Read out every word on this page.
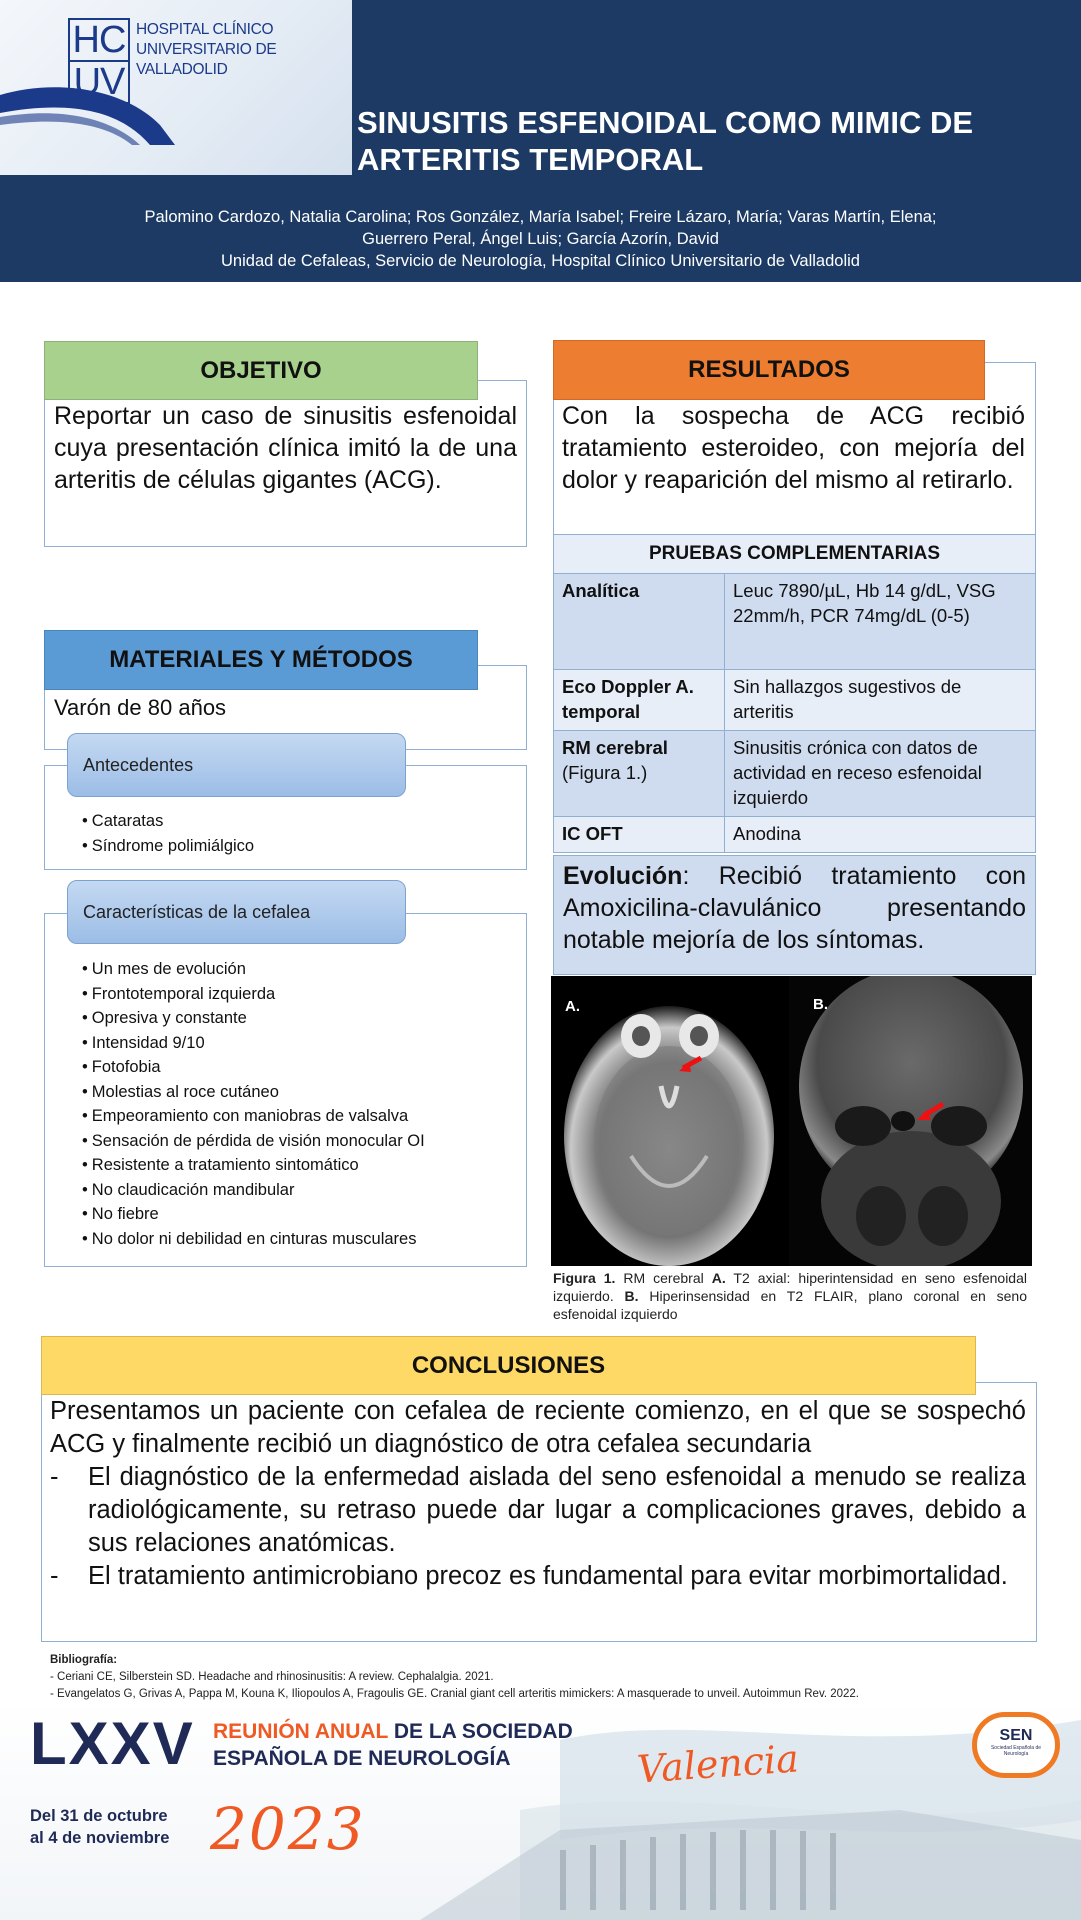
HC
UV
HOSPITAL CLÍNICO
UNIVERSITARIO DE VALLADOLID
SINUSITIS ESFENOIDAL COMO MIMIC DE
ARTERITIS TEMPORAL
Palomino Cardozo, Natalia Carolina; Ros González, María Isabel; Freire Lázaro, María; Varas Martín, Elena;
Guerrero Peral, Ángel Luis; García Azorín, David
Unidad de Cefaleas, Servicio de Neurología, Hospital Clínico Universitario de Valladolid
OBJETIVO
Reportar un caso de sinusitis esfenoidal cuya presentación clínica imitó la de una arteritis de células gigantes (ACG).
MATERIALES Y MÉTODOS
Varón de 80 años
Antecedentes
• Cataratas
• Síndrome polimiálgico
Características de la cefalea
• Un mes de evolución
• Frontotemporal izquierda
• Opresiva y constante
• Intensidad 9/10
• Fotofobia
• Molestias al roce cutáneo
• Empeoramiento con maniobras de valsalva
• Sensación de pérdida de visión monocular OI
• Resistente a tratamiento sintomático
• No claudicación mandibular
• No fiebre
• No dolor ni debilidad en cinturas musculares
RESULTADOS
Con la sospecha de ACG recibió tratamiento esteroideo, con mejoría del dolor y reaparición del mismo al retirarlo.
PRUEBAS COMPLEMENTARIAS
Analítica	Leuc 7890/µL, Hb 14 g/dL, VSG 22mm/h, PCR 74mg/dL (0-5)
Eco Doppler A. temporal	Sin hallazgos sugestivos de arteritis
RM cerebral
(Figura 1.)	Sinusitis crónica con datos de actividad en receso esfenoidal izquierdo
IC OFT	Anodina
Evolución: Recibió tratamiento con Amoxicilina-clavulánico presentando notable mejoría de los síntomas.
A.	B.
Figura 1. RM cerebral A. T2 axial: hiperintensidad en seno esfenoidal izquierdo. B. Hiperinsensidad en T2 FLAIR, plano coronal en seno esfenoidal izquierdo
CONCLUSIONES
Presentamos un paciente con cefalea de reciente comienzo, en el que se sospechó ACG y finalmente recibió un diagnóstico de otra cefalea secundaria
- El diagnóstico de la enfermedad aislada del seno esfenoidal a menudo se realiza radiológicamente, su retraso puede dar lugar a complicaciones graves, debido a sus relaciones anatómicas.
- El tratamiento antimicrobiano precoz es fundamental para evitar morbimortalidad.
Bibliografía:
- Ceriani CE, Silberstein SD. Headache and rhinosinusitis: A review. Cephalalgia. 2021.
- Evangelatos G, Grivas A, Pappa M, Kouna K, Iliopoulos A, Fragoulis GE. Cranial giant cell arteritis mimickers: A masquerade to unveil. Autoimmun Rev. 2022.
LXXV REUNIÓN ANUAL DE LA SOCIEDAD
ESPAÑOLA DE NEUROLOGÍA	Valencia
Del 31 de octubre
al 4 de noviembre 2023
SEN
Sociedad Española de Neurología
